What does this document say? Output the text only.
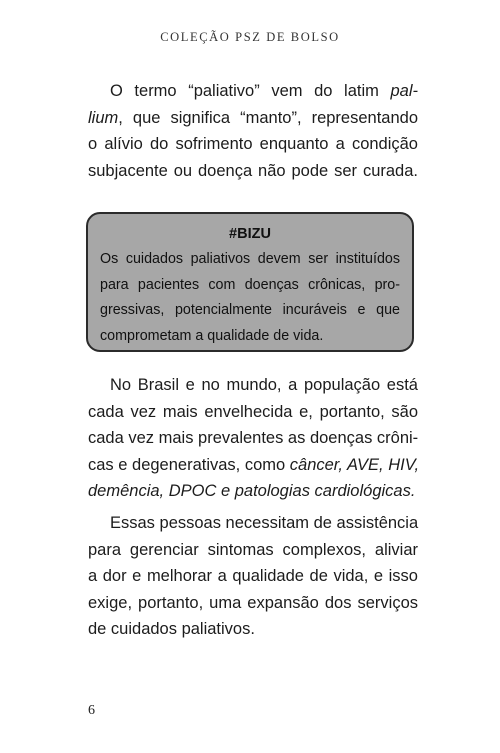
COLEÇÃO PSZ DE BOLSO

O termo “paliativo” vem do latim pal-
lium, que significa “manto”, representando
o alívio do sofrimento enquanto a condição
subjacente ou doença não pode ser curada.

#BIZU
Os cuidados paliativos devem ser instituídos
para pacientes com doenças crônicas, pro-
gressivas, potencialmente incuráveis e que
comprometam a qualidade de vida.

No Brasil e no mundo, a população está
cada vez mais envelhecida e, portanto, são
cada vez mais prevalentes as doenças crôni-
cas e degenerativas, como câncer, AVE, HIV,
demência, DPOC e patologias cardiológicas.

Essas pessoas necessitam de assistência
para gerenciar sintomas complexos, aliviar
a dor e melhorar a qualidade de vida, e isso
exige, portanto, uma expansão dos serviços
de cuidados paliativos.

6
